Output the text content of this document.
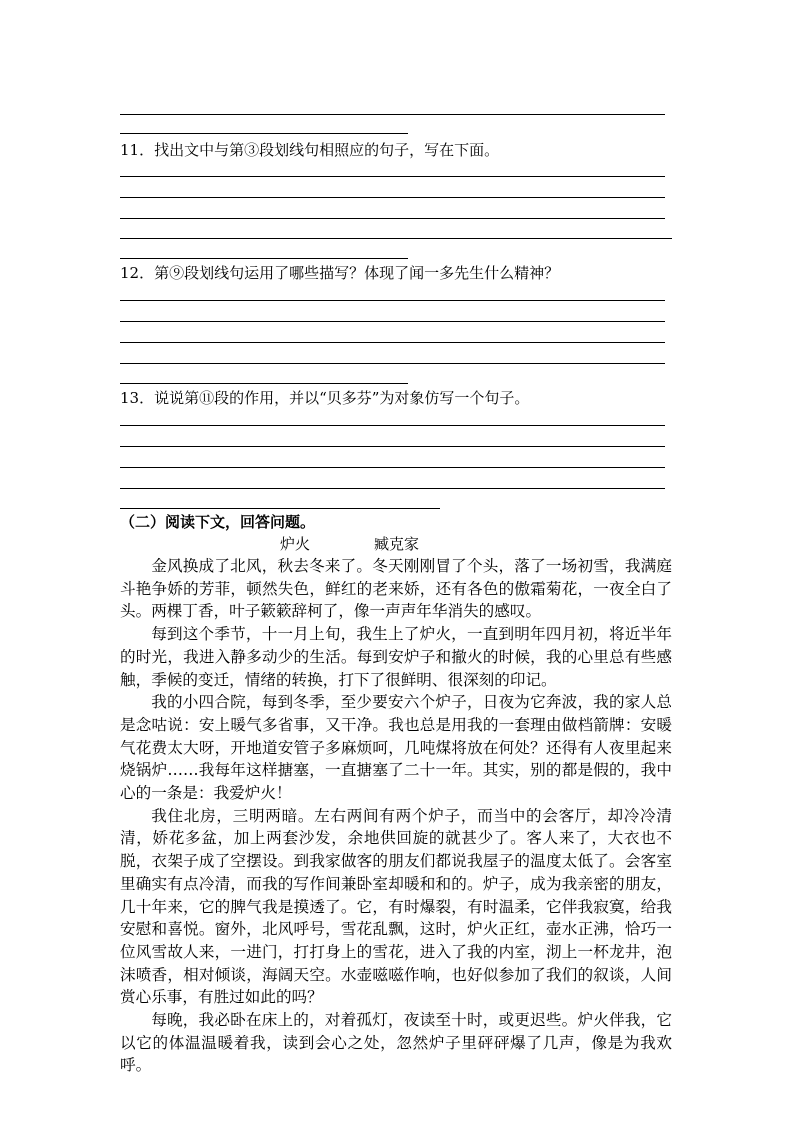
11．找出文中与第③段划线句相照应的句子，写在下面。
12．第⑨段划线句运用了哪些描写？体现了闻一多先生什么精神？
13．说说第⑪段的作用，并以“贝多芬”为对象仿写一个句子。
（二）阅读下文，回答问题。
炉火	臧克家

金风换成了北风，秋去冬来了。冬天刚刚冒了个头，落了一场初雪，我满庭斗艳争娇的芳菲，顿然失色，鲜红的老来娇，还有各色的傲霜菊花，一夜全白了头。两棵丁香，叶子簌簌辞柯了，像一声声年华消失的感叹。

每到这个季节，十一月上旬，我生上了炉火，一直到明年四月初，将近半年的时光，我进入静多动少的生活。每到安炉子和撤火的时候，我的心里总有些感触，季候的变迁，情绪的转换，打下了很鲜明、很深刻的印记。

我的小四合院，每到冬季，至少要安六个炉子，日夜为它奔波，我的家人总是念咕说：安上暖气多省事，又干净。我也总是用我的一套理由做档箭牌：安暖气花费太大呀，开地道安管子多麻烦呵，几吨煤将放在何处？还得有人夜里起来烧锅炉……我每年这样搪塞，一直搪塞了二十一年。其实，别的都是假的，我中心的一条是：我爱炉火！

我住北房，三明两暗。左右两间有两个炉子，而当中的会客厅，却冷冷清清，娇花多盆，加上两套沙发，余地供回旋的就甚少了。客人来了，大衣也不脱，衣架子成了空摆设。到我家做客的朋友们都说我屋子的温度太低了。会客室里确实有点冷清，而我的写作间兼卧室却暖和和的。炉子，成为我亲密的朋友，几十年来，它的脾气我是摸透了。它，有时爆裂，有时温柔，它伴我寂寞，给我安慰和喜悦。窗外，北风呼号，雪花乱飘，这时，炉火正红，壶水正沸，恰巧一位风雪故人来，一进门，打打身上的雪花，进入了我的内室，沏上一杯龙井，泡沫喷香，相对倾谈，海阔天空。水壶嗞嗞作响，也好似参加了我们的叙谈，人间赏心乐事，有胜过如此的吗？

每晚，我必卧在床上的，对着孤灯，夜读至十时，或更迟些。炉火伴我，它以它的体温温暖着我，读到会心之处，忽然炉子里砰砰爆了几声，像是为我欢呼。
